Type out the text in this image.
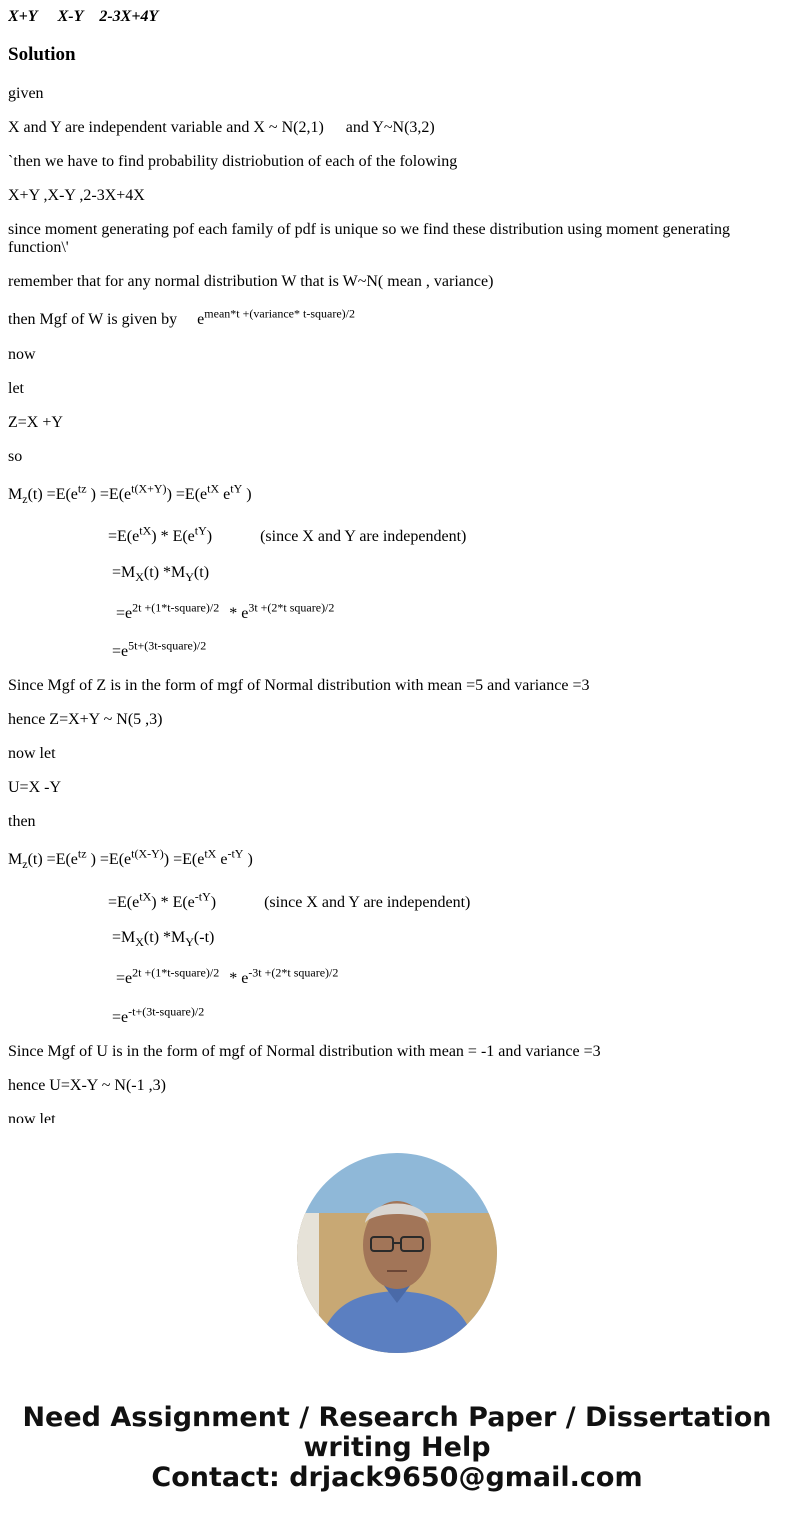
X+Y X-Y 2-3X+4Y
Solution
given
X and Y are independent variable and X ~ N(2,1) and Y~N(3,2)
`then we have to find probability distriobution of each of the folowing
X+Y ,X-Y ,2-3X+4X
since moment generating pof each family of pdf is unique so we find these distribution using moment generating function\'
remember that for any normal distribution W that is W~N( mean , variance)
then Mgf of W is given by $e^{mean*t +(variance* t-square)/2}$
now
let
Z=X +Y
so
$M_z(t) =E(e^{tz}$ ) $=E(e^{t(X+Y)}) =E(e^{tX}$ $e^{tY}$ )
$=E(e^{tX}) * E(e^{tY})$	(since X and Y are independent)
$=M_X(t)$ $*M_Y(t)$
$=e^{2t +(1*t-square)/2} * e^{3t +(2*t square)/2}$
$=e^{5t+(3t-square)/2}$
Since Mgf of Z is in the form of mgf of Normal distribution with mean =5 and variance =3
hence Z=X+Y ~ N(5 ,3)
now let
U=X -Y
then
$M_z(t) =E(e^{tz}$ ) $=E(e^{t(X-Y)}) =E(e^{tX}$ $e^{-tY}$ )
$=E(e^{tX}) * E(e^{-tY})$	(since X and Y are independent)
$=M_X(t)$ $*M_Y(-t)$
$=e^{2t +(1*t-square)/2} * e^{-3t +(2*t square)/2}$
$=e^{-t+(3t-square)/2}$
Since Mgf of U is in the form of mgf of Normal distribution with mean = -1 and variance =3
hence U=X-Y ~ N(-1 ,3)
now let
Need Assignment / Research Paper / Dissertation
writing Help
Contact: drjack9650@gmail.com
